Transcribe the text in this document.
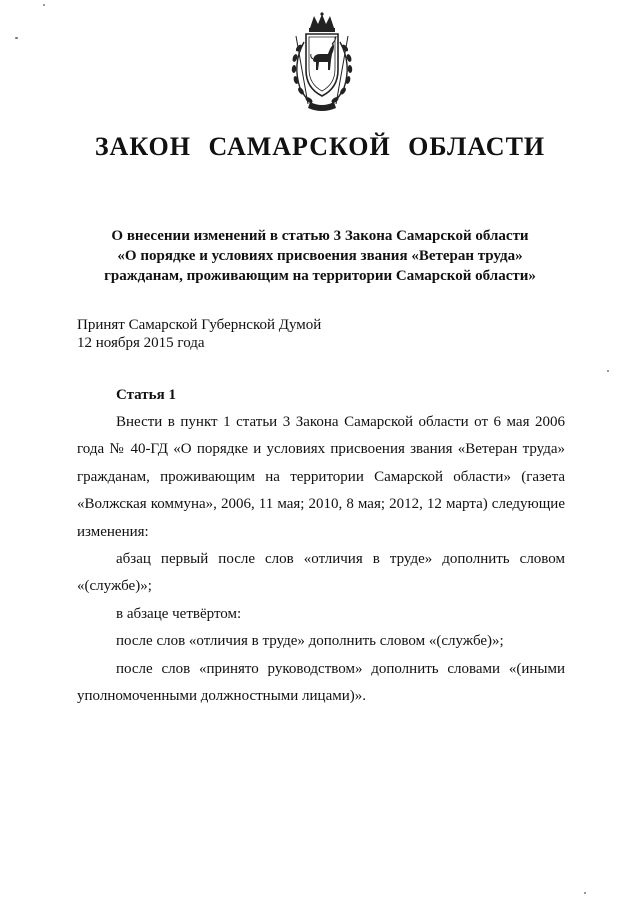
ЗАКОН САМАРСКОЙ ОБЛАСТИ
О внесении изменений в статью 3 Закона Самарской области
«О порядке и условиях присвоения звания «Ветеран труда»
гражданам, проживающим на территории Самарской области»
Принят Самарской Губернской Думой
12 ноября 2015 года
Статья 1

Внести в пункт 1 статьи 3 Закона Самарской области от 6 мая 2006 года № 40-ГД «О порядке и условиях присвоения звания «Ветеран труда» гражданам, проживающим на территории Самарской области» (газета «Волжская коммуна», 2006, 11 мая; 2010, 8 мая; 2012, 12 марта) следующие изменения:

абзац первый после слов «отличия в труде» дополнить словом «(службе)»;

в абзаце четвёртом:

после слов «отличия в труде» дополнить словом «(службе)»;

после слов «принято руководством» дополнить словами «(иными уполномоченными должностными лицами)».
